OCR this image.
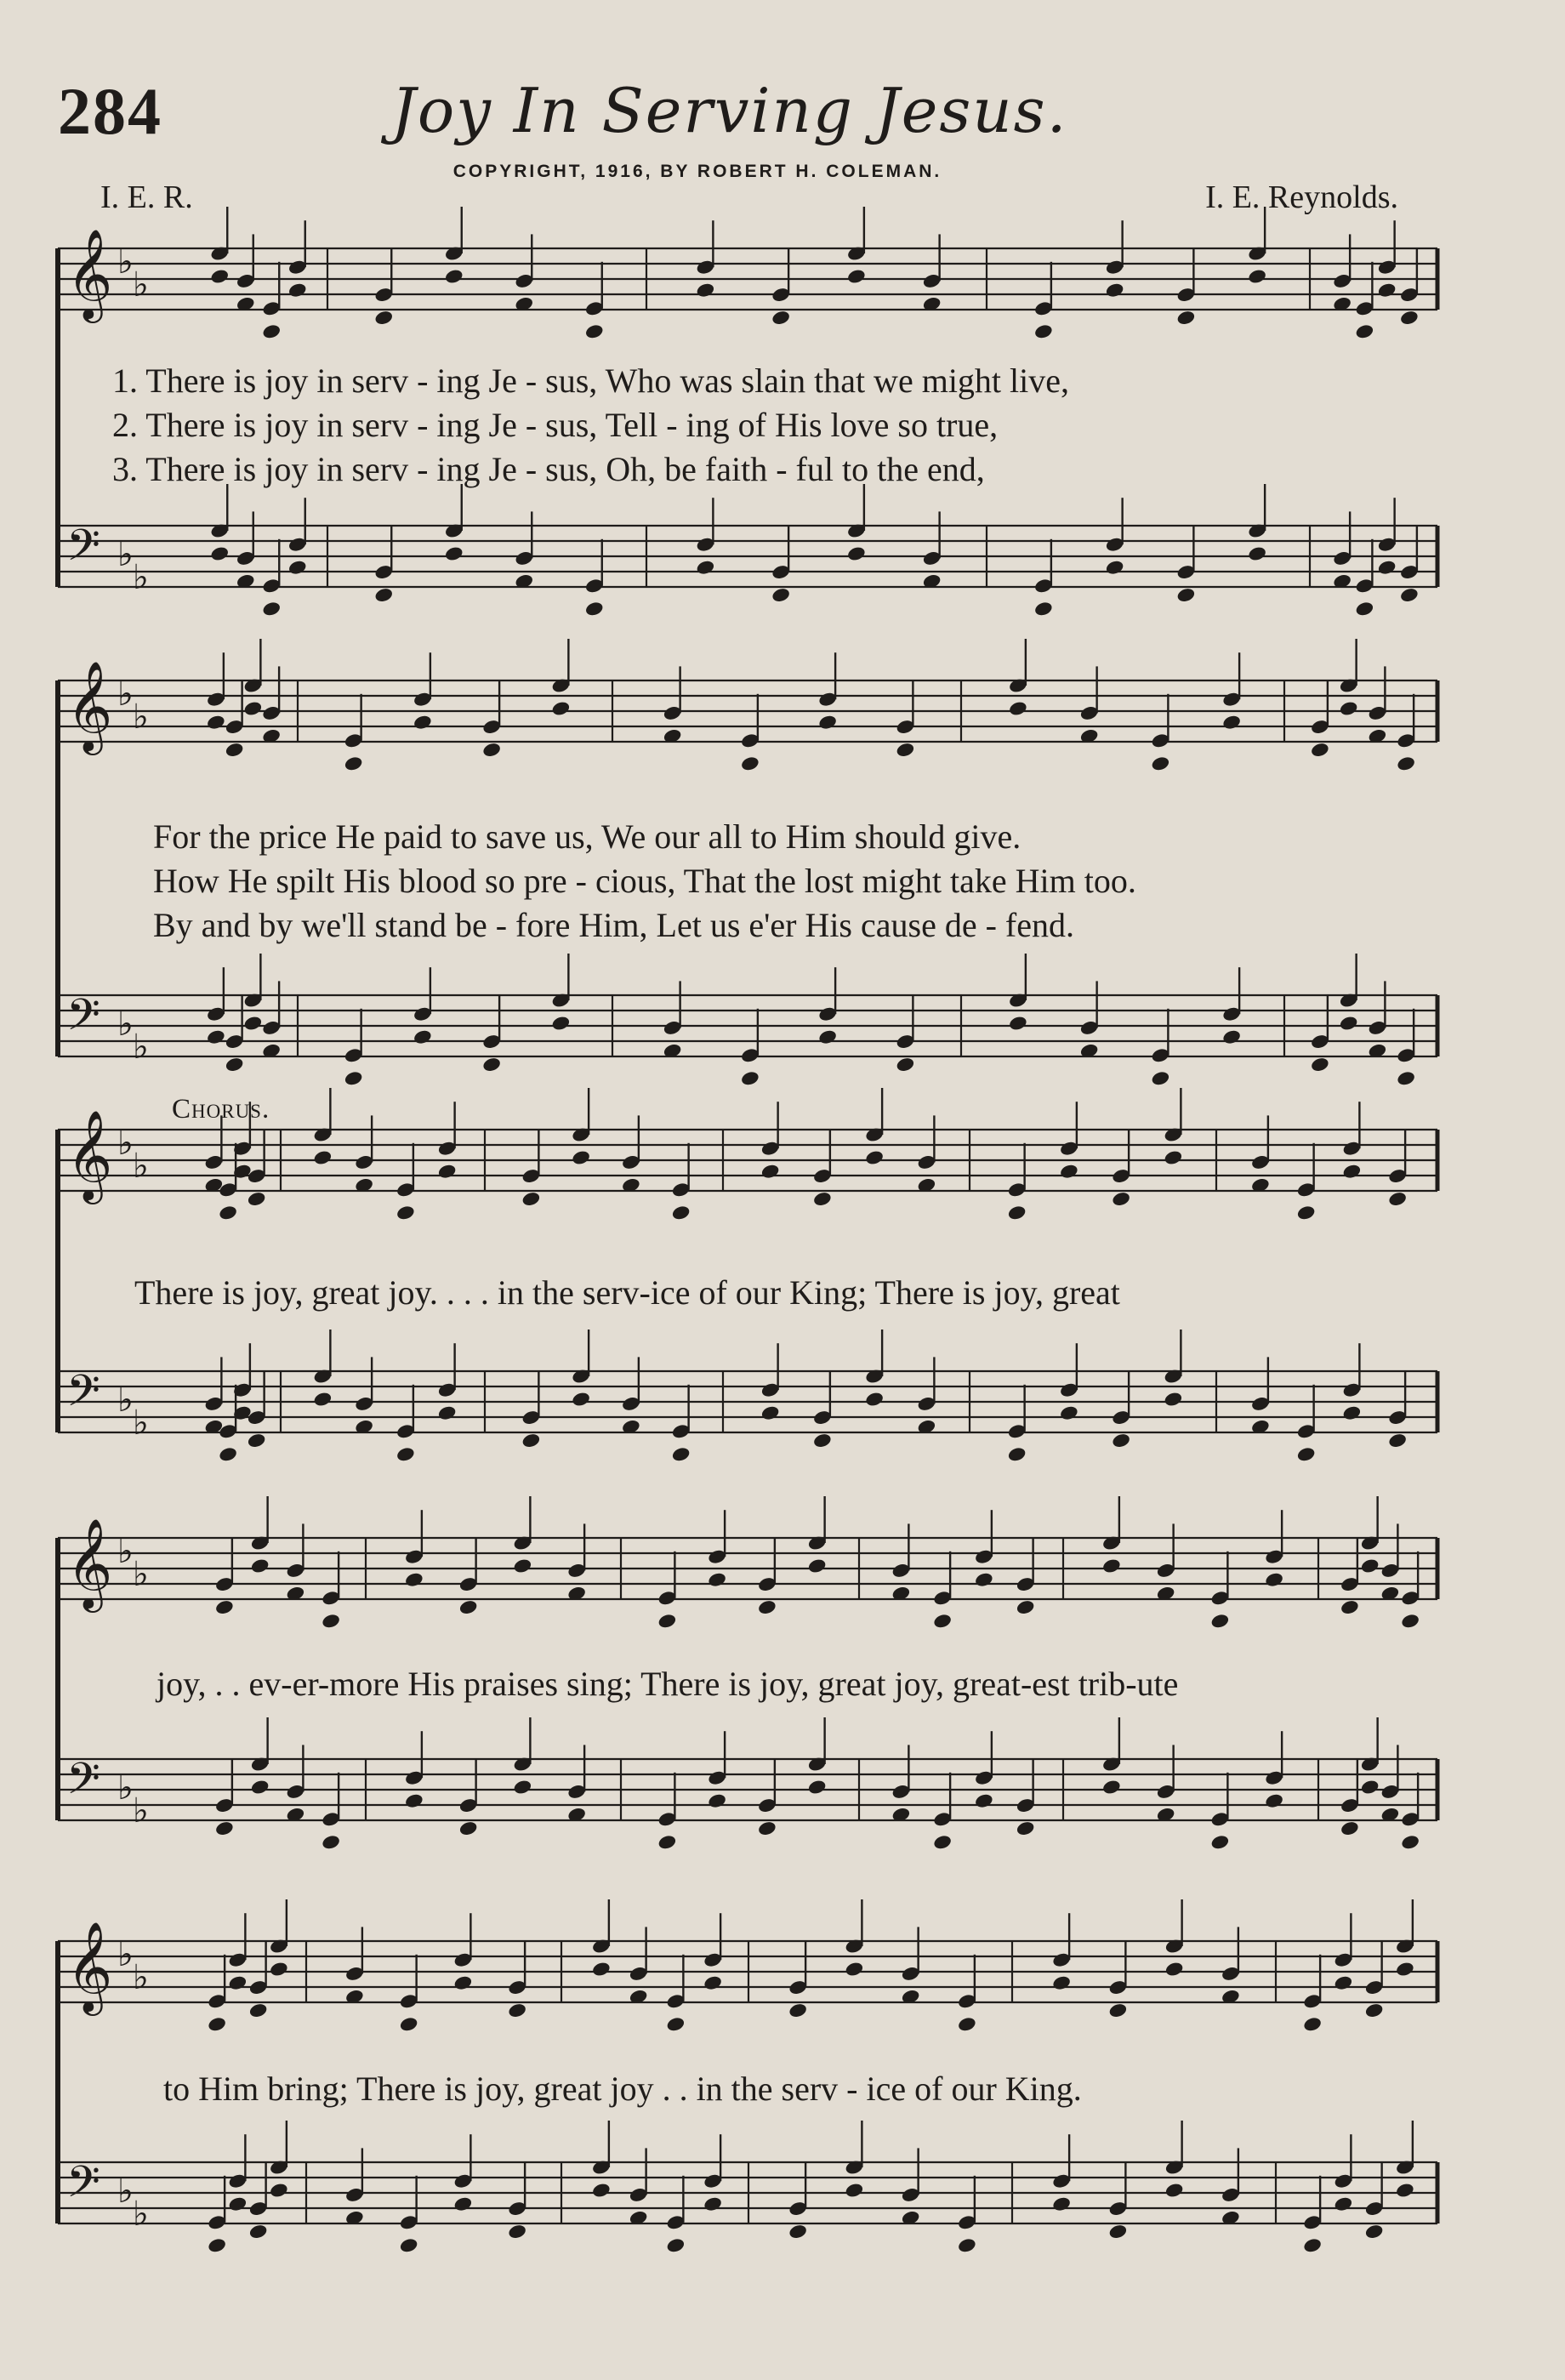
284	Joy In Serving Jesus.
COPYRIGHT, 1916, BY ROBERT H. COLEMAN.
I. E. R.	I. E. Reynolds.
𝄞 ♭
♭
𝄢 ♭
♭
𝄞 ♭
♭
𝄢 ♭
♭
𝄞 ♭
♭
𝄢 ♭
♭
𝄞 ♭
♭
𝄢 ♭
♭
𝄞 ♭
♭
𝄢 ♭
♭
1. There is joy in serv - ing Je - sus, Who was slain that we might live,
2. There is joy in serv - ing Je - sus, Tell - ing of His love so true,
3. There is joy in serv - ing Je - sus, Oh, be faith - ful to the end,
For the price He paid to save us, We our all to Him should give.
How He spilt His blood so pre - cious, That the lost might take Him too.
By and by we'll stand be - fore Him, Let us e'er His cause de - fend.
Chorus.
There is joy, great joy. . . . in the serv-ice of our King; There is joy, great
joy, . . ev-er-more His praises sing; There is joy, great joy, great-est trib-ute
to Him bring; There is joy, great joy . . in the serv - ice of our King.
